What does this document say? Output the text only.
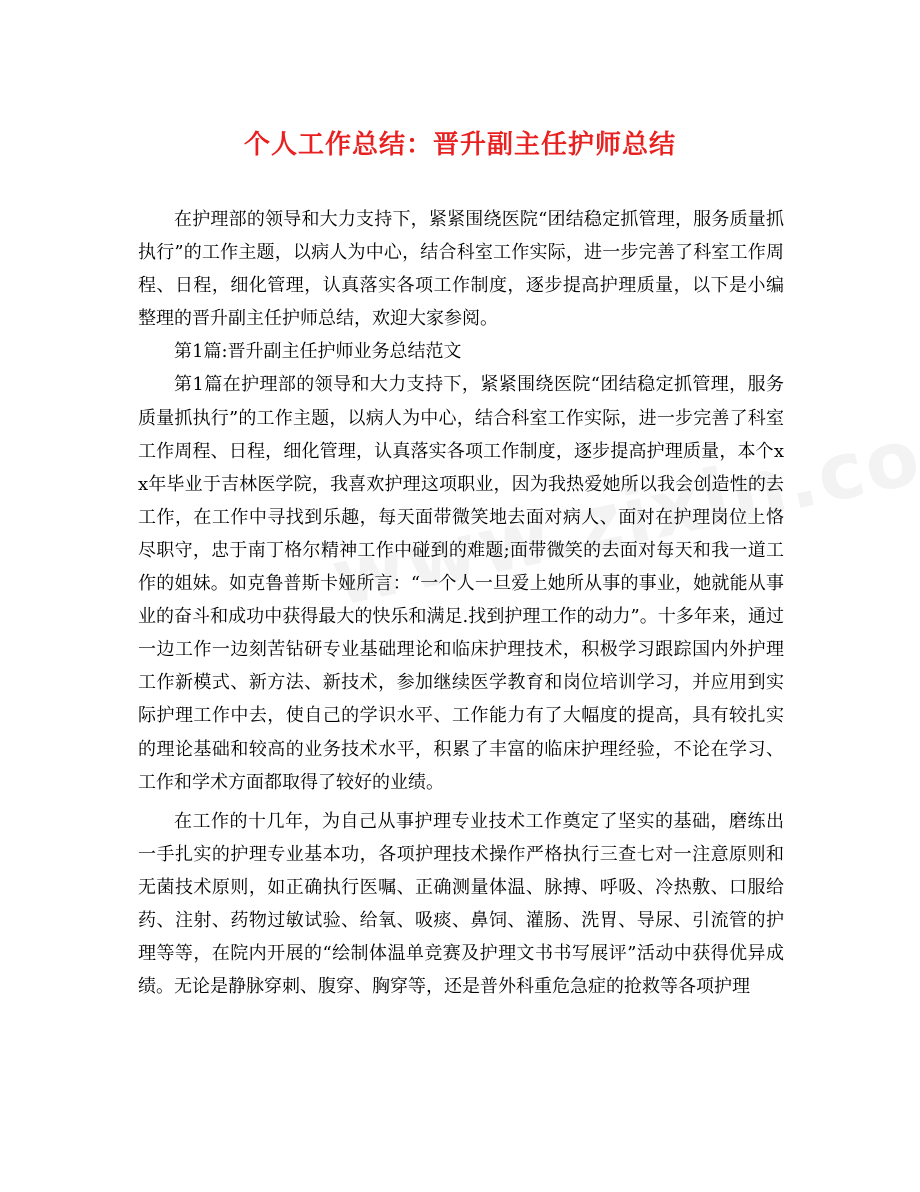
个人工作总结：晋升副主任护师总结

在护理部的领导和大力支持下，紧紧围绕医院“团结稳定抓管理，服务质量抓执行”的工作主题，以病人为中心，结合科室工作实际，进一步完善了科室工作周程、日程，细化管理，认真落实各项工作制度，逐步提高护理质量，以下是小编整理的晋升副主任护师总结，欢迎大家参阅。

第1篇:晋升副主任护师业务总结范文

第1篇在护理部的领导和大力支持下，紧紧围绕医院“团结稳定抓管理，服务质量抓执行”的工作主题，以病人为中心，结合科室工作实际，进一步完善了科室工作周程、日程，细化管理，认真落实各项工作制度，逐步提高护理质量，本个xx年毕业于吉林医学院，我喜欢护理这项职业，因为我热爱她所以我会创造性的去工作，在工作中寻找到乐趣，每天面带微笑地去面对病人、面对在护理岗位上恪尽职守，忠于南丁格尔精神工作中碰到的难题;面带微笑的去面对每天和我一道工作的姐妹。如克鲁普斯卡娅所言：“一个人一旦爱上她所从事的事业，她就能从事业的奋斗和成功中获得最大的快乐和满足.找到护理工作的动力”。十多年来，通过一边工作一边刻苦钻研专业基础理论和临床护理技术，积极学习跟踪国内外护理工作新模式、新方法、新技术，参加继续医学教育和岗位培训学习，并应用到实际护理工作中去，使自己的学识水平、工作能力有了大幅度的提高，具有较扎实的理论基础和较高的业务技术水平，积累了丰富的临床护理经验，不论在学习、工作和学术方面都取得了较好的业绩。

在工作的十几年，为自己从事护理专业技术工作奠定了坚实的基础，磨练出一手扎实的护理专业基本功，各项护理技术操作严格执行三查七对一注意原则和无菌技术原则，如正确执行医嘱、正确测量体温、脉搏、呼吸、冷热敷、口服给药、注射、药物过敏试验、给氧、吸痰、鼻饲、灌肠、洗胃、导尿、引流管的护理等等，在院内开展的“绘制体温单竞赛及护理文书书写展评”活动中获得优异成绩。无论是静脉穿刺、腹穿、胸穿等，还是普外科重危急症的抢救等各项护理
